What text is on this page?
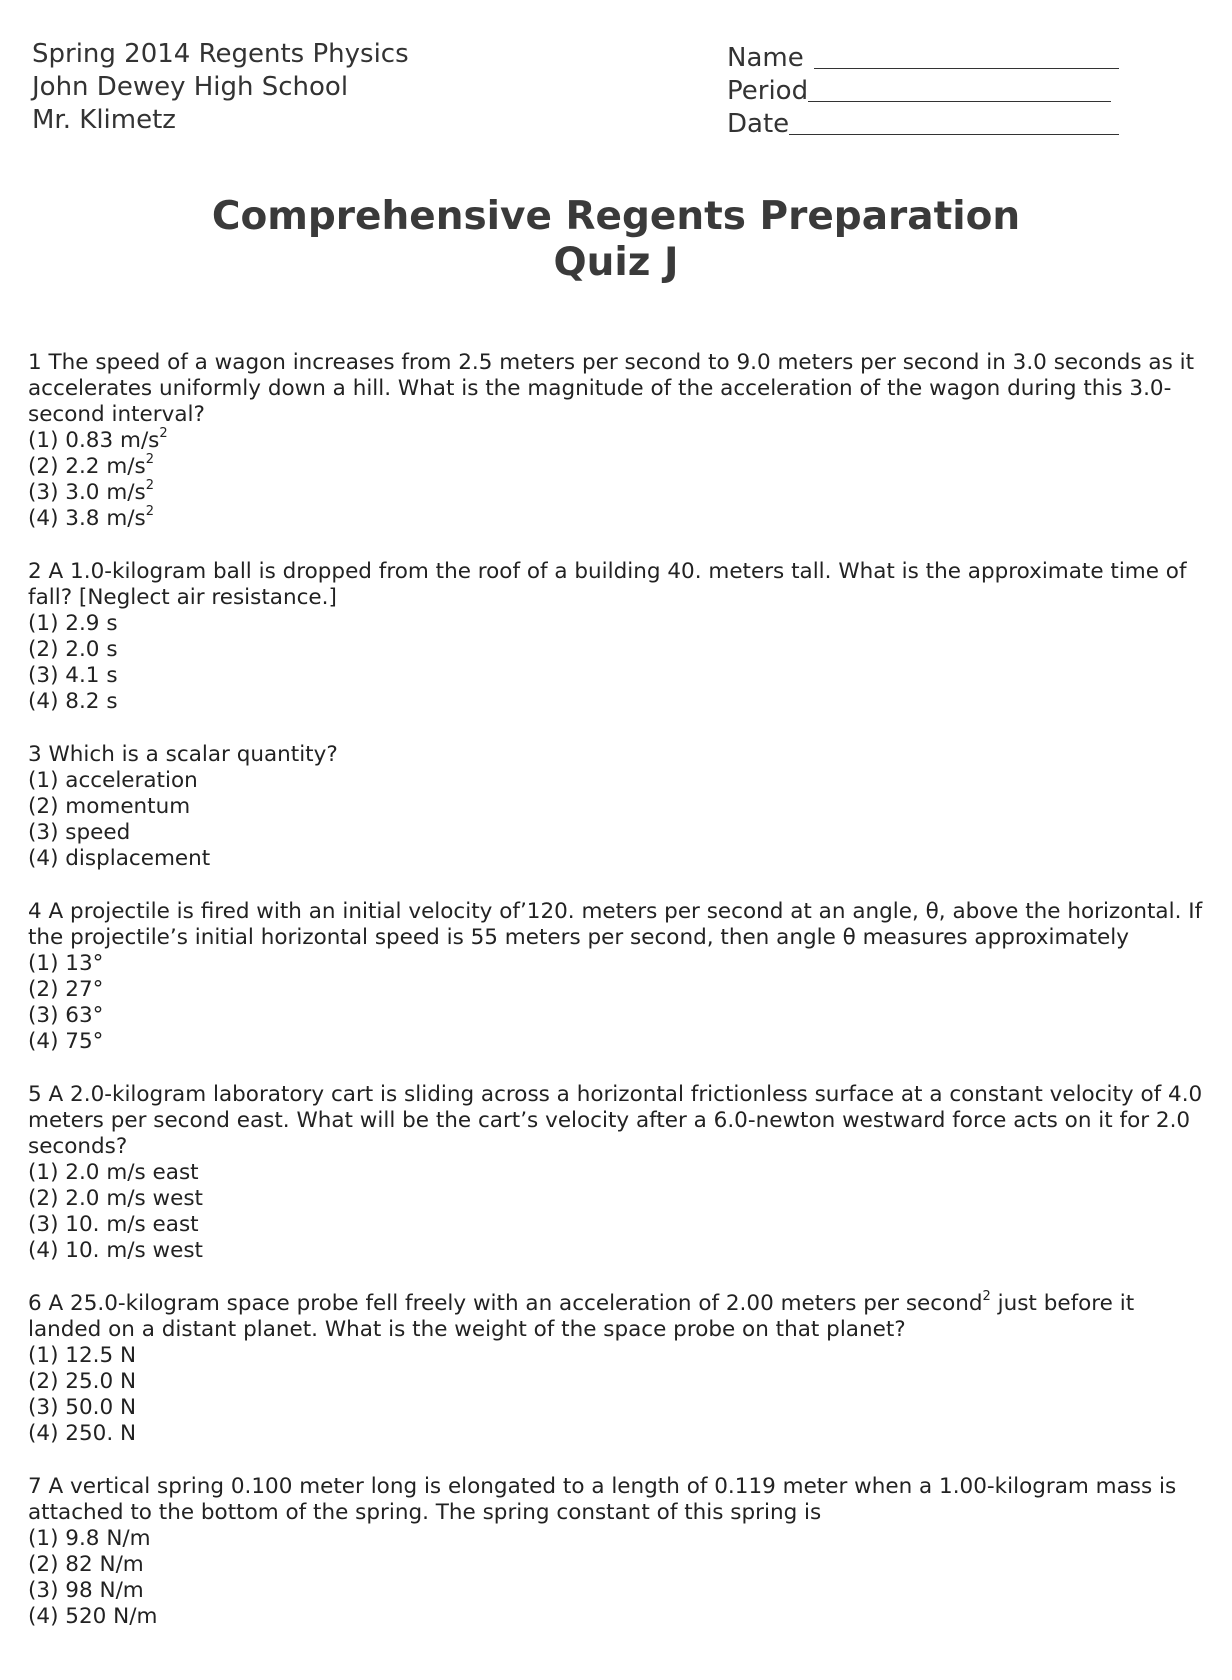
Spring 2014 Regents Physics
John Dewey High School
Mr. Klimetz
Name
Period
Date
Comprehensive Regents Preparation
Quiz J
1 The speed of a wagon increases from 2.5 meters per second to 9.0 meters per second in 3.0 seconds as it accelerates uniformly down a hill. What is the magnitude of the acceleration of the wagon during this 3.0-second interval?
(1) 0.83 $m/s^2$
(2) 2.2 $m/s^2$
(3) 3.0 $m/s^2$
(4) 3.8 $m/s^2$
2 A 1.0-kilogram ball is dropped from the roof of a building 40. meters tall. What is the approximate time of fall? [Neglect air resistance.]
(1) 2.9 s
(2) 2.0 s
(3) 4.1 s
(4) 8.2 s
3 Which is a scalar quantity?
(1) acceleration
(2) momentum
(3) speed
(4) displacement
4 A projectile is fired with an initial velocity of’120. meters per second at an angle, θ, above the horizontal. If the projectile’s initial horizontal speed is 55 meters per second, then angle θ measures approximately
(1) 13°
(2) 27°
(3) 63°
(4) 75°
5 A 2.0-kilogram laboratory cart is sliding across a horizontal frictionless surface at a constant velocity of 4.0 meters per second east. What will be the cart’s velocity after a 6.0-newton westward force acts on it for 2.0 seconds?
(1) 2.0 m/s east
(2) 2.0 m/s west
(3) 10. m/s east
(4) 10. m/s west
6 A 25.0-kilogram space probe fell freely with an acceleration of 2.00 meters per second$^2$ just before it landed on a distant planet. What is the weight of the space probe on that planet?
(1) 12.5 N
(2) 25.0 N
(3) 50.0 N
(4) 250. N
7 A vertical spring 0.100 meter long is elongated to a length of 0.119 meter when a 1.00-kilogram mass is attached to the bottom of the spring. The spring constant of this spring is
(1) 9.8 N/m
(2) 82 N/m
(3) 98 N/m
(4) 520 N/m
